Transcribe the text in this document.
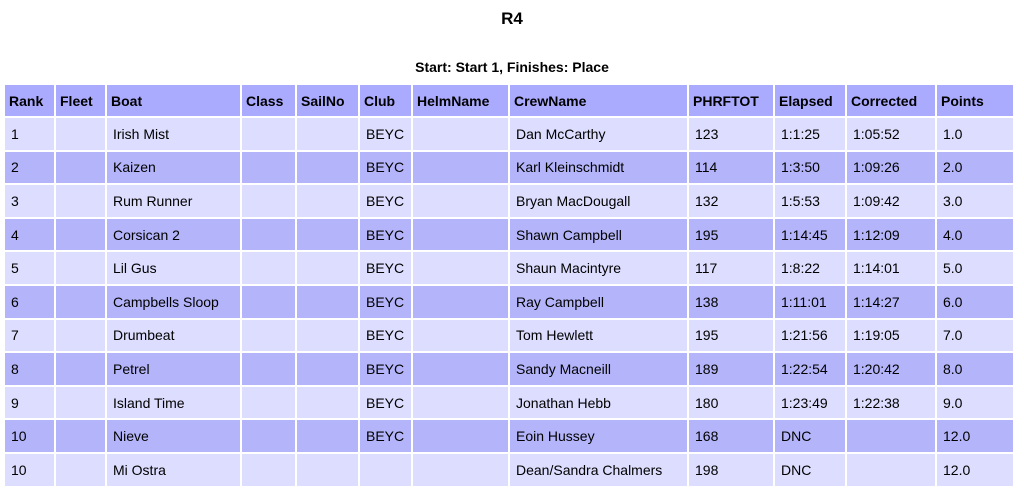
R4
Start: Start 1, Finishes: Place
Rank	Fleet	Boat	Class	SailNo	Club	HelmName	CrewName	PHRFTOT	Elapsed	Corrected	Points
1		Irish Mist			BEYC		Dan McCarthy	123	1:1:25	1:05:52	1.0
2		Kaizen			BEYC		Karl Kleinschmidt	114	1:3:50	1:09:26	2.0
3		Rum Runner			BEYC		Bryan MacDougall	132	1:5:53	1:09:42	3.0
4		Corsican 2			BEYC		Shawn Campbell	195	1:14:45	1:12:09	4.0
5		Lil Gus			BEYC		Shaun Macintyre	117	1:8:22	1:14:01	5.0
6		Campbells Sloop			BEYC		Ray Campbell	138	1:11:01	1:14:27	6.0
7		Drumbeat			BEYC		Tom Hewlett	195	1:21:56	1:19:05	7.0
8		Petrel			BEYC		Sandy Macneill	189	1:22:54	1:20:42	8.0
9		Island Time			BEYC		Jonathan Hebb	180	1:23:49	1:22:38	9.0
10		Nieve			BEYC		Eoin Hussey	168	DNC		12.0
10		Mi Ostra					Dean/Sandra Chalmers	198	DNC		12.0
